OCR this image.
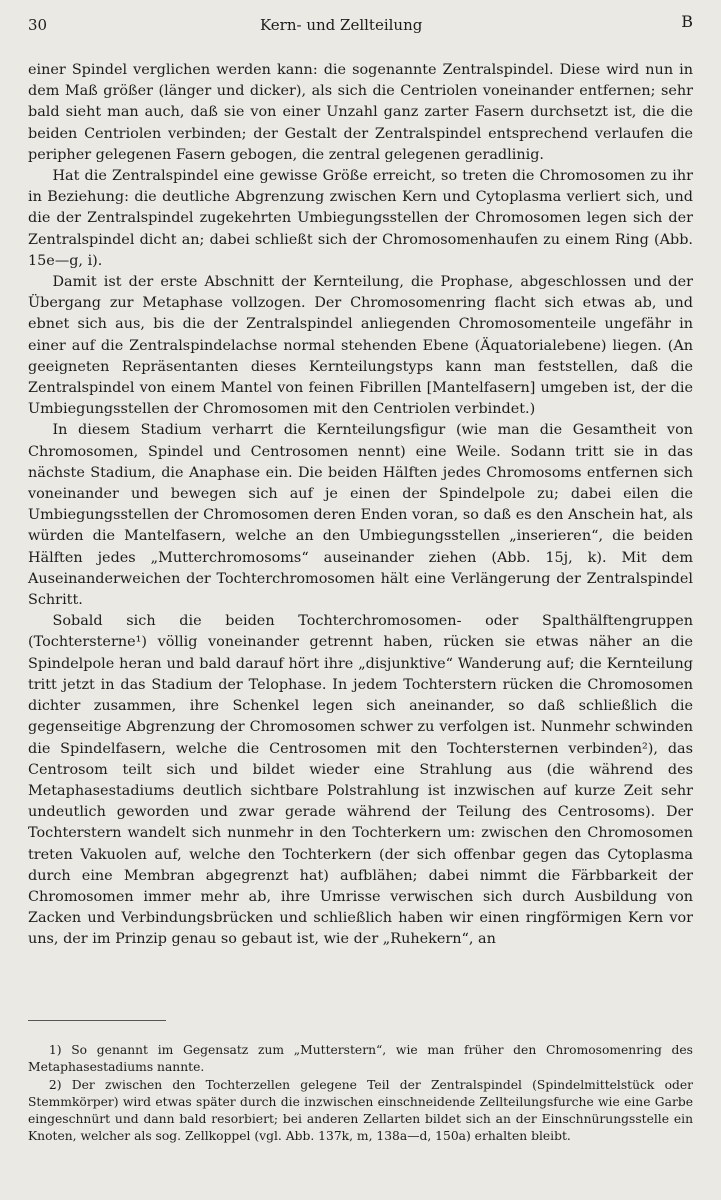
30	Kern- und Zellteilung	B

einer Spindel verglichen werden kann: die sogenannte Zentralspindel. Diese wird nun in dem Maß größer (länger und dicker), als sich die Centriolen voneinander entfernen; sehr bald sieht man auch, daß sie von einer Unzahl ganz zarter Fasern durchsetzt ist, die die beiden Centriolen verbinden; der Gestalt der Zentralspindel entsprechend verlaufen die peripher gelegenen Fasern gebogen, die zentral gelegenen geradlinig.

Hat die Zentralspindel eine gewisse Größe erreicht, so treten die Chromosomen zu ihr in Beziehung: die deutliche Abgrenzung zwischen Kern und Cytoplasma verliert sich, und die der Zentralspindel zugekehrten Umbiegungsstellen der Chromosomen legen sich der Zentralspindel dicht an; dabei schließt sich der Chromosomenhaufen zu einem Ring (Abb. 15e—g, i).

Damit ist der erste Abschnitt der Kernteilung, die Prophase, abgeschlossen und der Übergang zur Metaphase vollzogen. Der Chromosomenring flacht sich etwas ab, und ebnet sich aus, bis die der Zentralspindel anliegenden Chromosomenteile ungefähr in einer auf die Zentralspindelachse normal stehenden Ebene (Äquatorialebene) liegen. (An geeigneten Repräsentanten dieses Kernteilungstyps kann man feststellen, daß die Zentralspindel von einem Mantel von feinen Fibrillen [Mantelfasern] umgeben ist, der die Umbiegungsstellen der Chromosomen mit den Centriolen verbindet.)

In diesem Stadium verharrt die Kernteilungsfigur (wie man die Gesamtheit von Chromosomen, Spindel und Centrosomen nennt) eine Weile. Sodann tritt sie in das nächste Stadium, die Anaphase ein. Die beiden Hälften jedes Chromosoms entfernen sich voneinander und bewegen sich auf je einen der Spindelpole zu; dabei eilen die Umbiegungsstellen der Chromosomen deren Enden voran, so daß es den Anschein hat, als würden die Mantelfasern, welche an den Umbiegungsstellen „inserieren“, die beiden Hälften jedes „Mutterchromosoms“ auseinander ziehen (Abb. 15j, k). Mit dem Auseinanderweichen der Tochterchromosomen hält eine Verlängerung der Zentralspindel Schritt.

Sobald sich die beiden Tochterchromosomen- oder Spalthälftengruppen (Tochtersterne¹) völlig voneinander getrennt haben, rücken sie etwas näher an die Spindelpole heran und bald darauf hört ihre „disjunktive“ Wanderung auf; die Kernteilung tritt jetzt in das Stadium der Telophase. In jedem Tochterstern rücken die Chromosomen dichter zusammen, ihre Schenkel legen sich aneinander, so daß schließlich die gegenseitige Abgrenzung der Chromosomen schwer zu verfolgen ist. Nunmehr schwinden die Spindelfasern, welche die Centrosomen mit den Tochtersternen verbinden²), das Centrosom teilt sich und bildet wieder eine Strahlung aus (die während des Metaphasestadiums deutlich sichtbare Polstrahlung ist inzwischen auf kurze Zeit sehr undeutlich geworden und zwar gerade während der Teilung des Centrosoms). Der Tochterstern wandelt sich nunmehr in den Tochterkern um: zwischen den Chromosomen treten Vakuolen auf, welche den Tochterkern (der sich offenbar gegen das Cytoplasma durch eine Membran abgegrenzt hat) aufblähen; dabei nimmt die Färbbarkeit der Chromosomen immer mehr ab, ihre Umrisse verwischen sich durch Ausbildung von Zacken und Verbindungsbrücken und schließlich haben wir einen ringförmigen Kern vor uns, der im Prinzip genau so gebaut ist, wie der „Ruhekern“, an

1) So genannt im Gegensatz zum „Mutterstern“, wie man früher den Chromosomenring des Metaphasestadiums nannte.

2) Der zwischen den Tochterzellen gelegene Teil der Zentralspindel (Spindelmittelstück oder Stemmkörper) wird etwas später durch die inzwischen einschneidende Zellteilungsfurche wie eine Garbe eingeschnürt und dann bald resorbiert; bei anderen Zellarten bildet sich an der Einschnürungsstelle ein Knoten, welcher als sog. Zellkoppel (vgl. Abb. 137k, m, 138a—d, 150a) erhalten bleibt.
